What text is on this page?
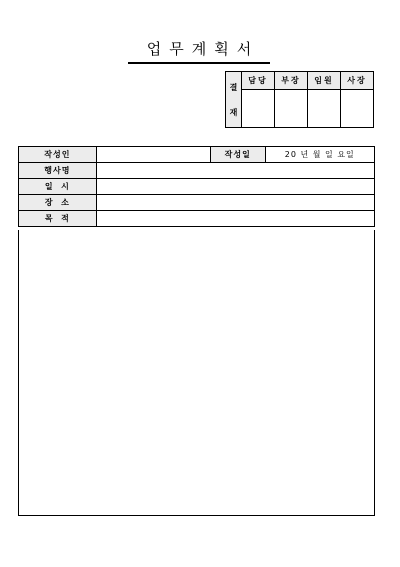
업무계획서
결
재	담당	부장	임원	사장

작성인		작성일	20 년 월 일 요일
행사명			
일  시			
장  소			
목  적			
